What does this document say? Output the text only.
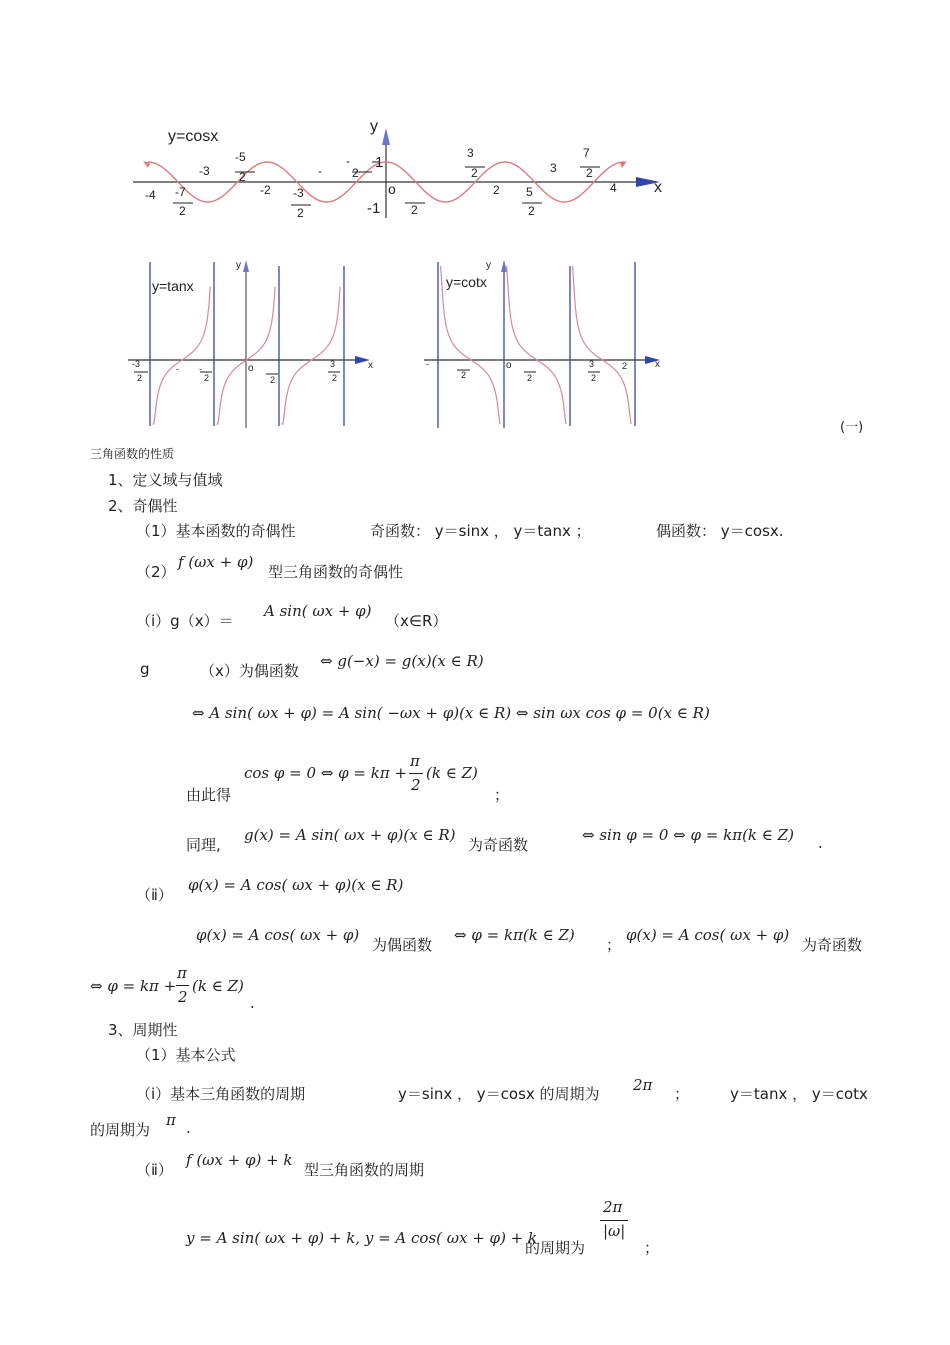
y=cosx
y
x
o
1
-1
-4
-3
-2	2
3
4
-7
2
-5
2
-3
2
-
-
2
2
3
2
5
2
7
2
y=tanx
y
x
o
-3
2
- -
2	2
3
2
y=cotx
y
x
o
-
2	2
3
2
2
(一)
三角函数的性质
1、定义域与值域
2、奇偶性
（1）基本函数的奇偶性	奇函数： y＝sinx ， y＝tanx ；	偶函数： y＝cosx.
（2）
f (ωx + φ)
型三角函数的奇偶性
（ⅰ）g（x）＝
A sin( ωx + φ)
（x∈R）
g	（x）为偶函数
⇔ g(−x) = g(x)(x ∈ R)
⇔ A sin( ωx + φ) = A sin( −ωx + φ)(x ∈ R) ⇔ sin ωx cos φ = 0(x ∈ R)
cos φ = 0 ⇔ φ = kπ +
π
2
(k ∈ Z)
由此得	；
同理,
g(x) = A sin( ωx + φ)(x ∈ R)
为奇函数
⇔ sin φ = 0 ⇔ φ = kπ(k ∈ Z) .
（ⅱ）
φ(x) = A cos( ωx + φ)(x ∈ R)
φ(x) = A cos( ωx + φ)
为偶函数
⇔ φ = kπ(k ∈ Z)
；
φ(x) = A cos( ωx + φ)
为奇函数
⇔ φ = kπ +
π
2
(k ∈ Z)
.
3、周期性
（1）基本公式
（ⅰ）基本三角函数的周期	y＝sinx ， y＝cosx 的周期为 2π ；	y＝tanx ， y＝cotx
的周期为
π .
（ⅱ）
f (ωx + φ) + k
型三角函数的周期
y = A sin( ωx + φ) + k, y = A cos( ωx + φ) + k
的周期为
2π
|ω|
；
